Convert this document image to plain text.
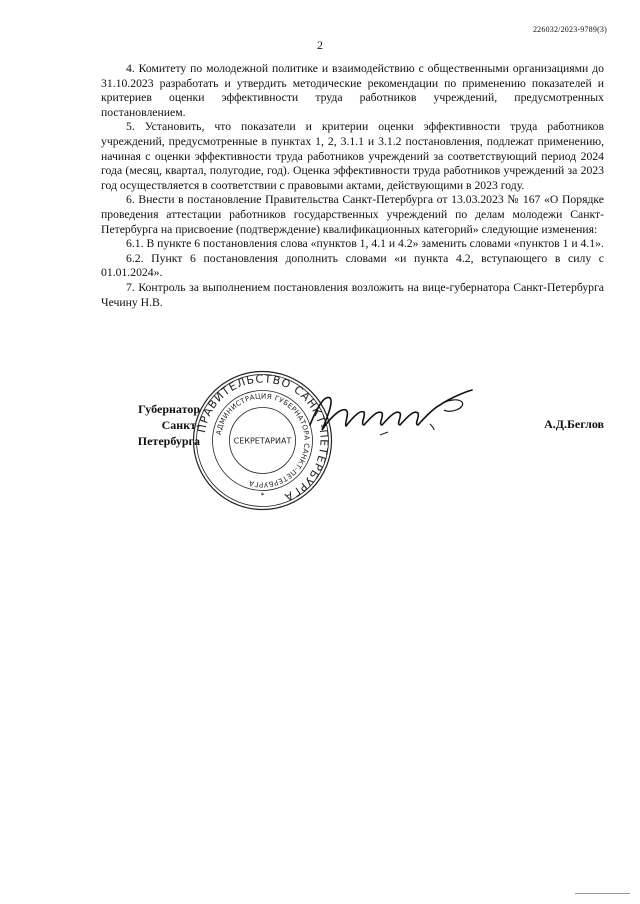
226032/2023-9789(3)
2

4. Комитету по молодежной политике и взаимодействию с общественными организациями до 31.10.2023 разработать и утвердить методические рекомендации по применению показателей и критериев оценки эффективности труда работников учреждений, предусмотренных постановлением.

5. Установить, что показатели и критерии оценки эффективности труда работников учреждений, предусмотренные в пунктах 1, 2, 3.1.1 и 3.1.2 постановления, подлежат применению, начиная с оценки эффективности труда работников учреждений за соответствующий период 2024 года (месяц, квартал, полугодие, год). Оценка эффективности труда работников учреждений за 2023 год осуществляется в соответствии с правовыми актами, действующими в 2023 году.

6. Внести в постановление Правительства Санкт-Петербурга от 13.03.2023 № 167 «О Порядке проведения аттестации работников государственных учреждений по делам молодежи Санкт-Петербурга на присвоение (подтверждение) квалификационных категорий» следующие изменения:

6.1. В пункте 6 постановления слова «пунктов 1, 4.1 и 4.2» заменить словами «пунктов 1 и 4.1».

6.2. Пункт 6 постановления дополнить словами «и пункта 4.2, вступающего в силу с 01.01.2024».

7. Контроль за выполнением постановления возложить на вице-губернатора Санкт-Петербурга Чечину Н.В.

Губернатор
Санкт-Петербурга
ПРАВИТЕЛЬСТВО САНКТ-ПЕТЕРБУРГА
АДМИНИСТРАЦИЯ ГУБЕРНАТОРА САНКТ-ПЕТЕРБУРГА
СЕКРЕТАРИАТ
*
А.Д.Беглов
